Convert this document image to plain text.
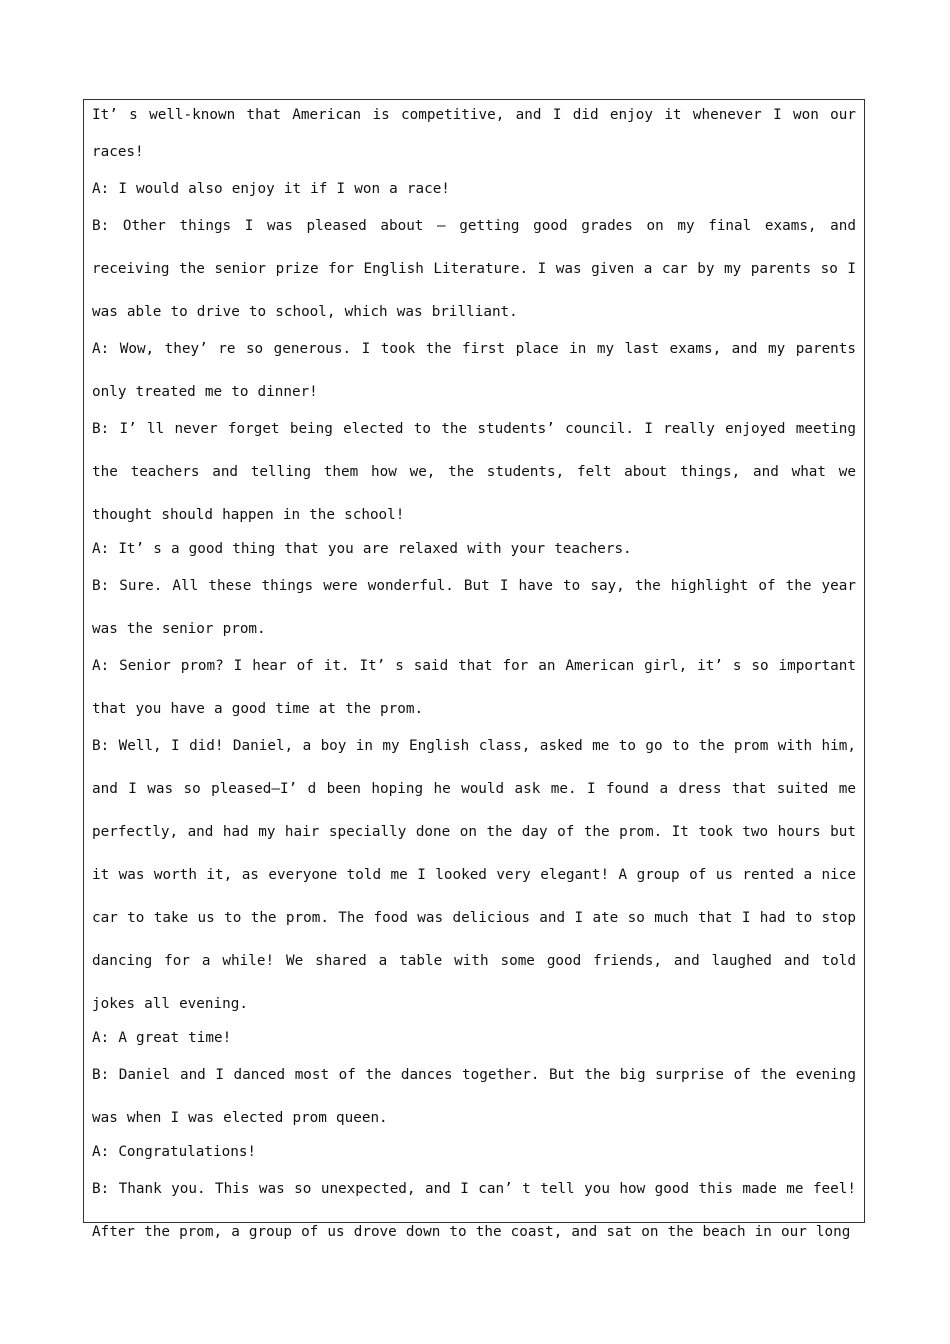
It’ s well-known that American is competitive, and I did enjoy it whenever I won our races!

A: I would also enjoy it if I won a race!

B: Other things I was pleased about – getting good grades on my final exams, and receiving the senior prize for English Literature. I was given a car by my parents so I was able to drive to school, which was brilliant.

A: Wow, they’ re so generous. I took the first place in my last exams, and my parents only treated me to dinner!

B: I’ ll never forget being elected to the students’ council. I really enjoyed meeting the teachers and telling them how we, the students, felt about things, and what we thought should happen in the school!

A: It’ s a good thing that you are relaxed with your teachers.

B: Sure. All these things were wonderful. But I have to say, the highlight of the year was the senior prom.

A: Senior prom? I hear of it. It’ s said that for an American girl, it’ s so important that you have a good time at the prom.

B: Well, I did! Daniel, a boy in my English class, asked me to go to the prom with him, and I was so pleased—I’ d been hoping he would ask me. I found a dress that suited me perfectly, and had my hair specially done on the day of the prom. It took two hours but it was worth it, as everyone told me I looked very elegant! A group of us rented a nice car to take us to the prom. The food was delicious and I ate so much that I had to stop dancing for a while! We shared a table with some good friends, and laughed and told jokes all evening.

A: A great time!

B: Daniel and I danced most of the dances together. But the big surprise of the evening was when I was elected prom queen.

A: Congratulations!

B: Thank you. This was so unexpected, and I can’ t tell you how good this made me feel! After the prom, a group of us drove down to the coast, and sat on the beach in our long
